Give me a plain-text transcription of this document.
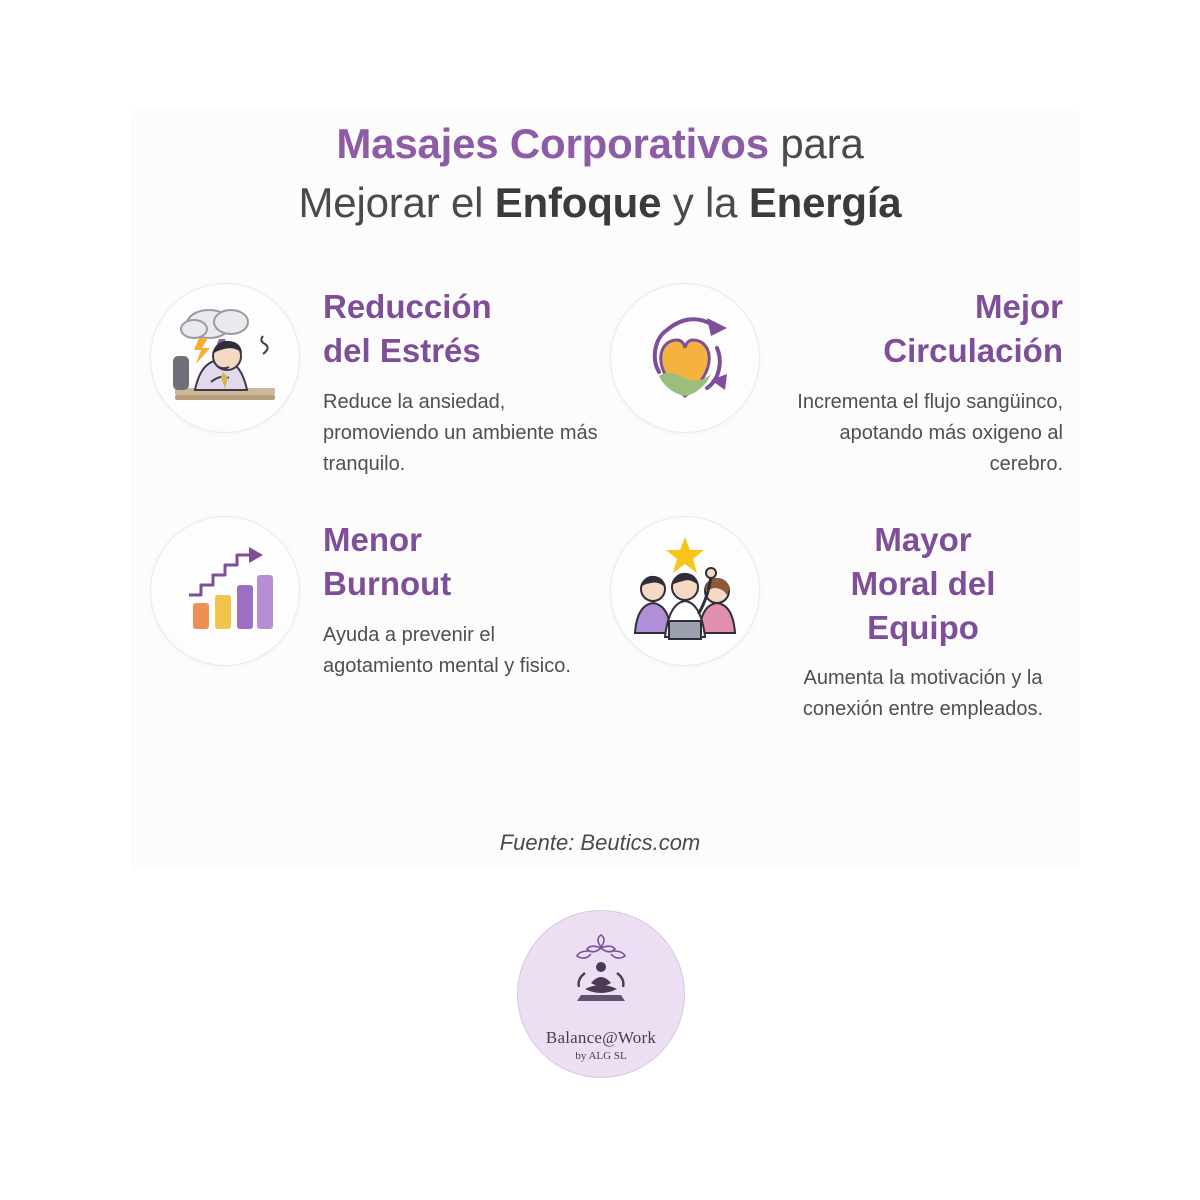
Masajes Corporativos para
Mejorar el Enfoque y la Energía
Reducción
del Estrés

Reduce la ansiedad, promoviendo un ambiente más tranquilo.

Mejor
Circulación

Incrementa el flujo sangüinco, apotando más oxigeno al cerebro.

Menor
Burnout

Ayuda a prevenir el agotamiento mental y fisico.

Mayor
Moral del
Equipo

Aumenta la motivación y la conexión entre empleados.

Fuente: Beutics.com
Balance@Work
by ALG SL
